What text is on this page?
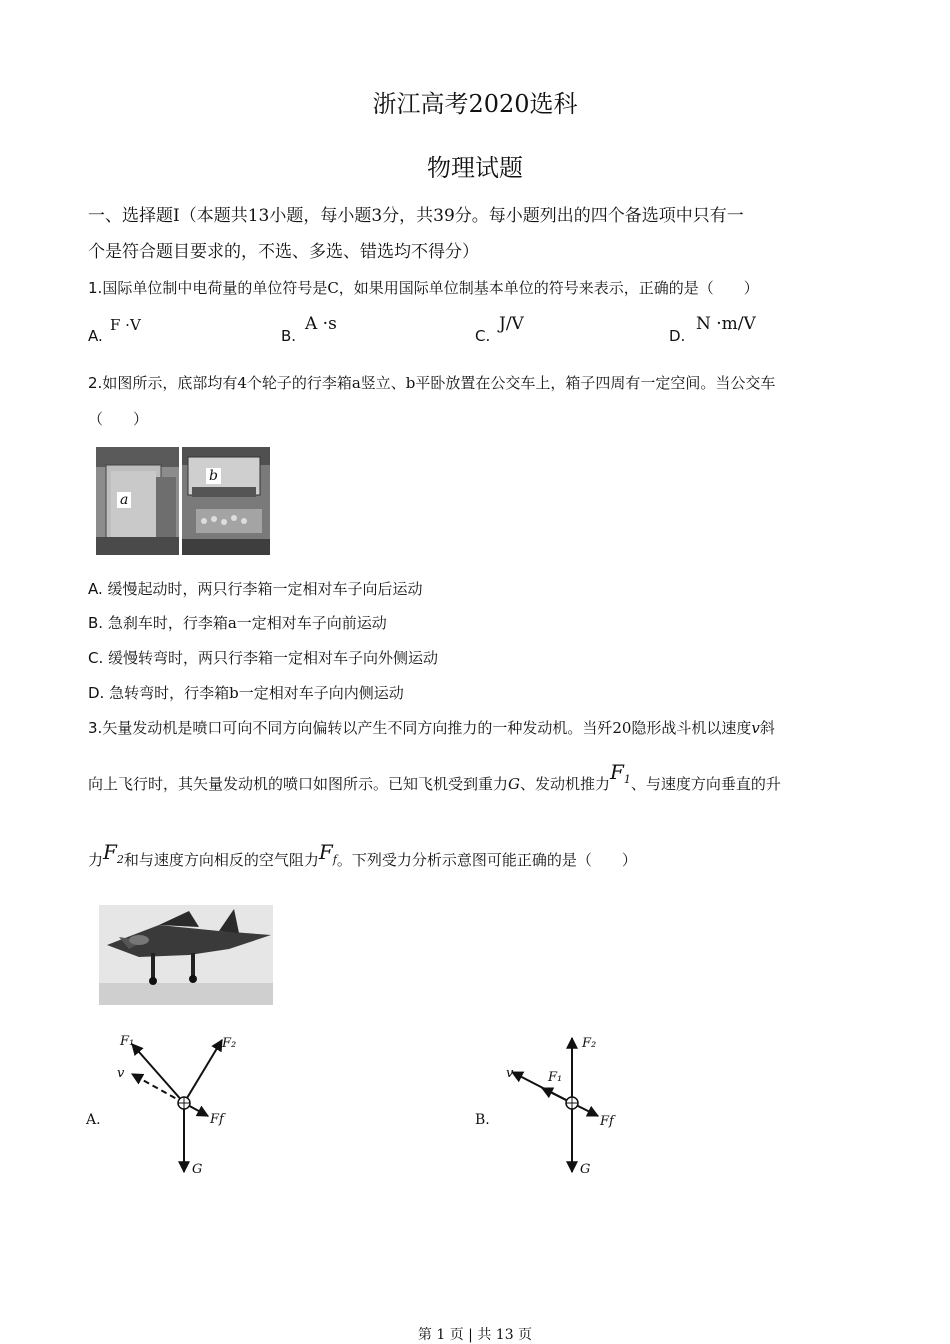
浙江高考2020选科
物理试题
一、选择题Ⅰ（本题共13小题，每小题3分，共39分。每小题列出的四个备选项中只有一
个是符合题目要求的，不选、多选、错选均不得分）
1.国际单位制中电荷量的单位符号是C，如果用国际单位制基本单位的符号来表示，正确的是（　　）
A.
F ·V
B.
A ·s
C.
J/V
D.
N ·m/V
2.如图所示，底部均有4个轮子的行李箱a竖立、b平卧放置在公交车上，箱子四周有一定空间。当公交车
（　　）
a
b
A. 缓慢起动时，两只行李箱一定相对车子向后运动
B. 急刹车时，行李箱a一定相对车子向前运动
C. 缓慢转弯时，两只行李箱一定相对车子向外侧运动
D. 急转弯时，行李箱b一定相对车子向内侧运动
3.矢量发动机是喷口可向不同方向偏转以产生不同方向推力的一种发动机。当歼20隐形战斗机以速度v斜
向上飞行时，其矢量发动机的喷口如图所示。已知飞机受到重力G、发动机推力$F_1$、与速度方向垂直的升
力$F_2$和与速度方向相反的空气阻力$F_f$。下列受力分析示意图可能正确的是（　　）
A.
F₁	F₂
v
Ff
G
B.
F₂
F₁
v
Ff
G
第 1 页 | 共 13 页
